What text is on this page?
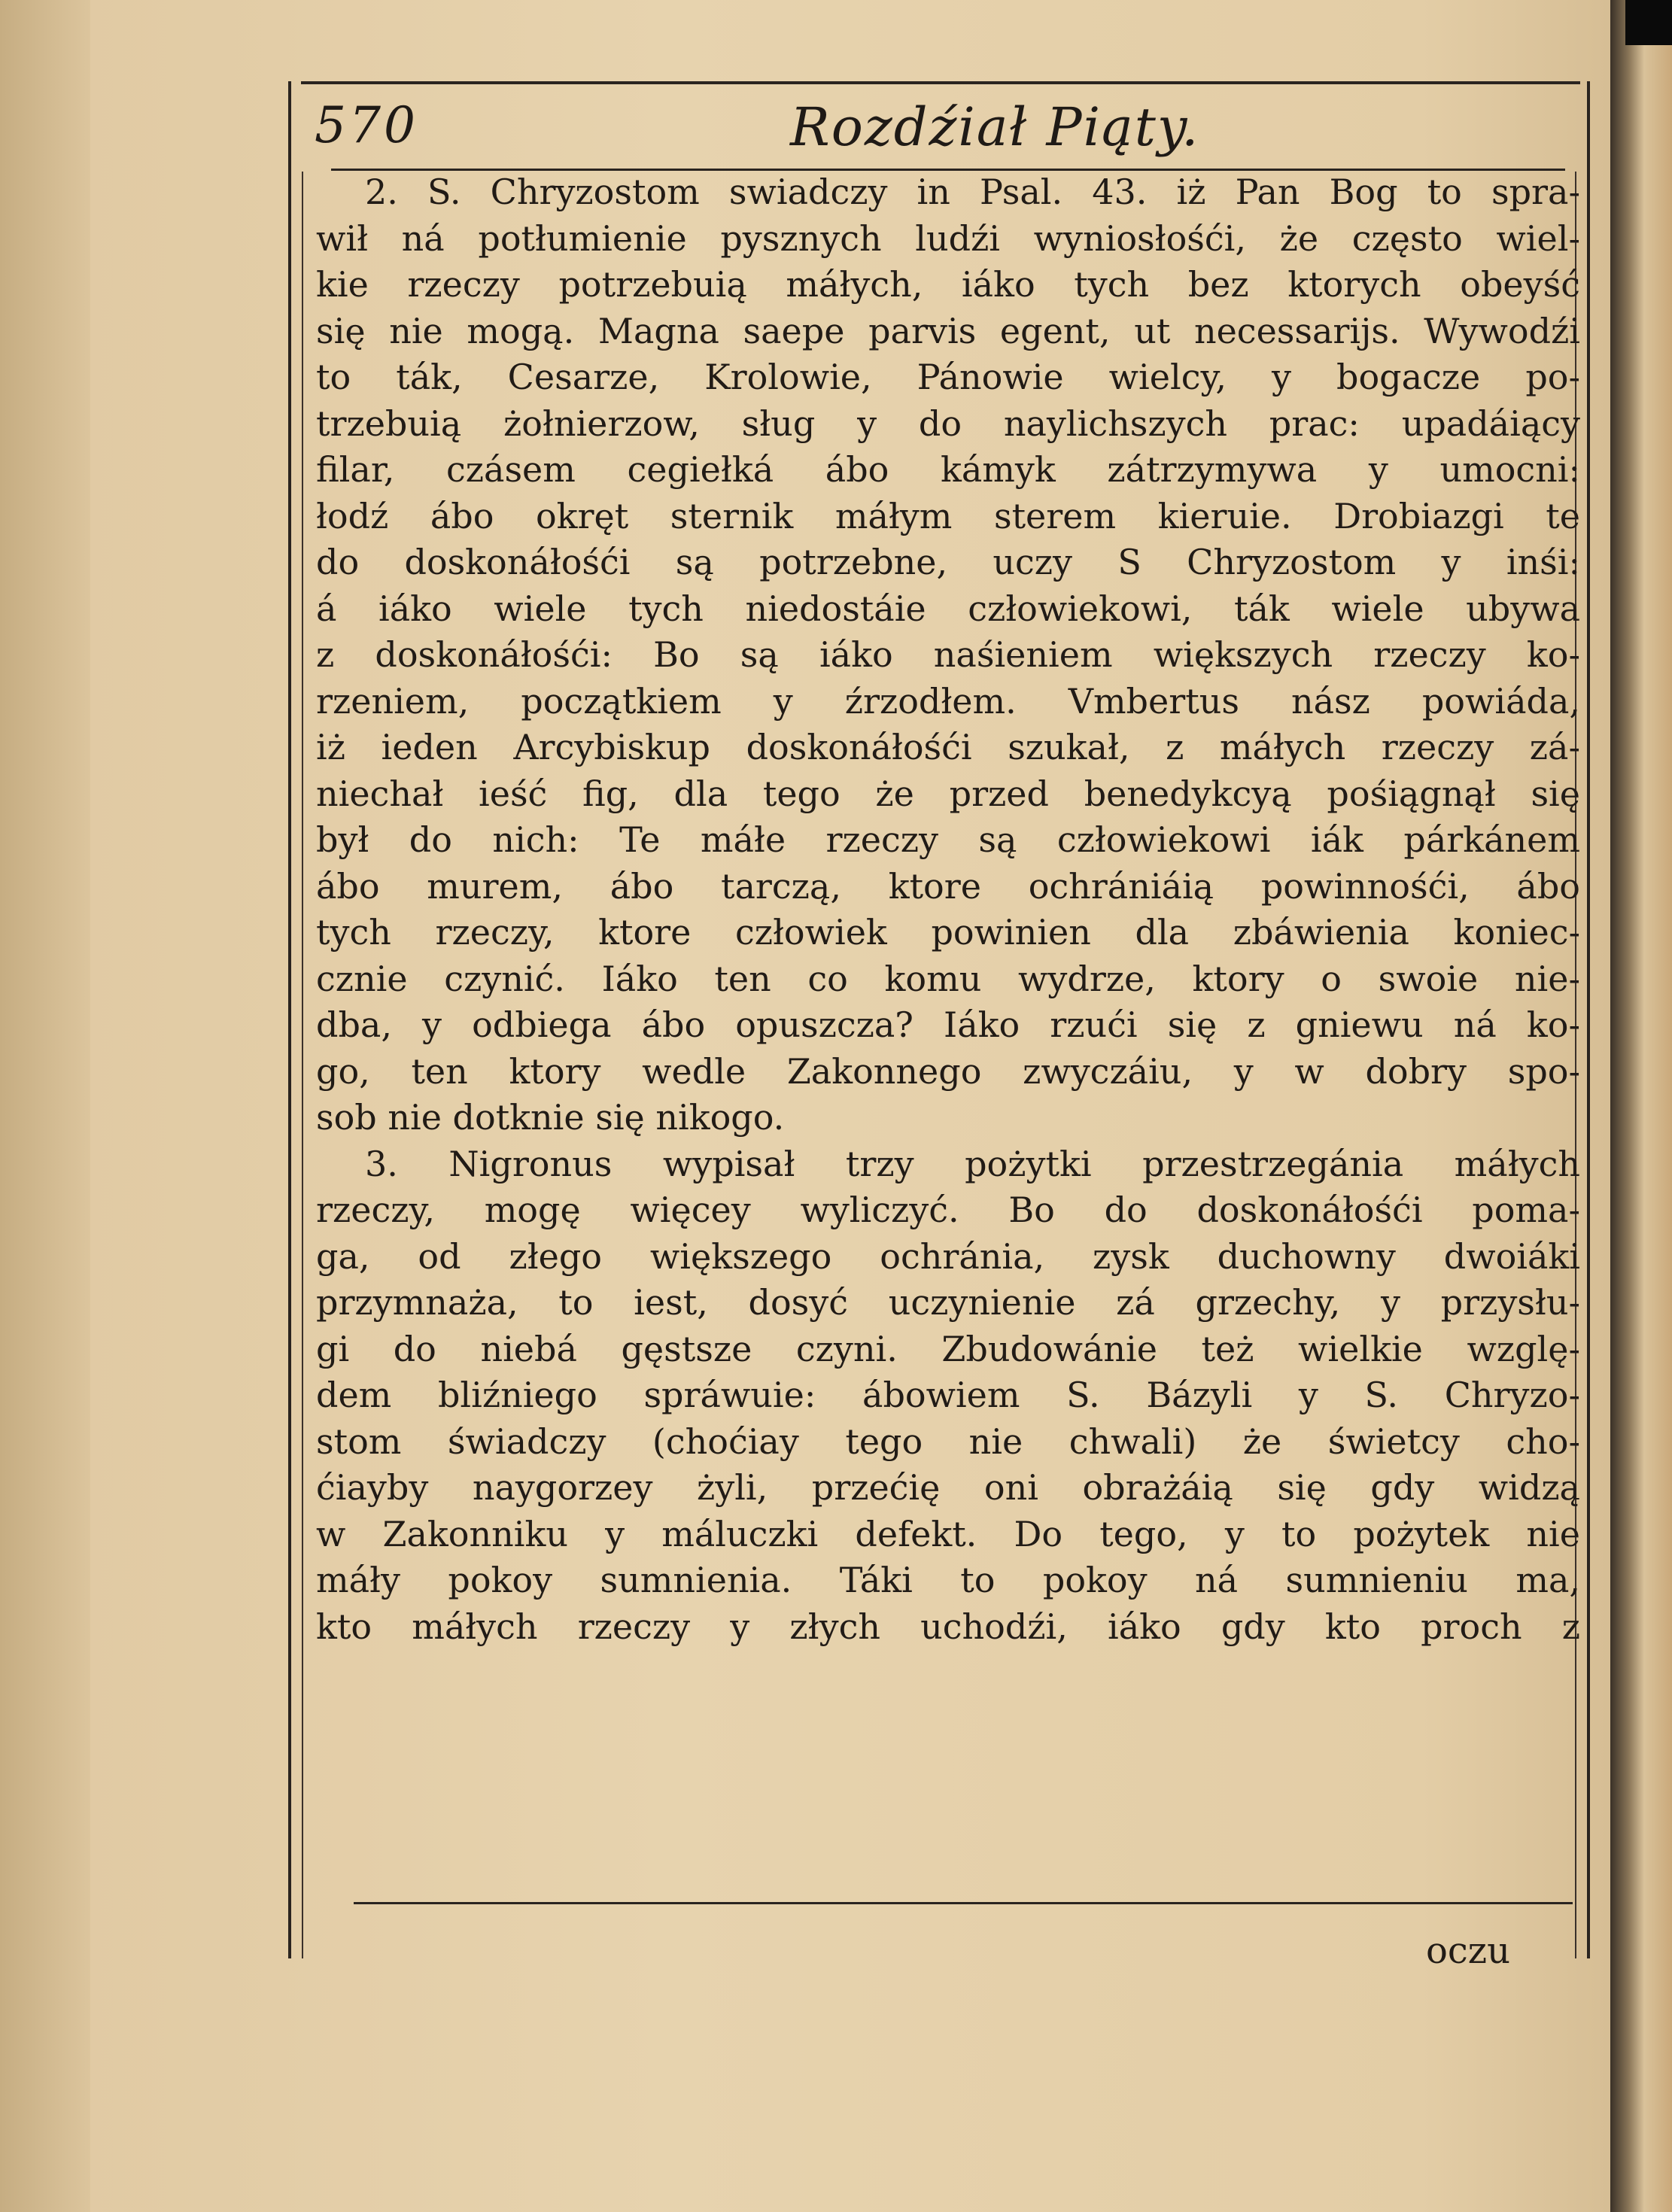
570	Rozdźiał Piąty.
2. S. Chryzostom swiadczy in Psal. 43. iż Pan Bog to spra-
wił ná potłumienie pysznych ludźi wyniosłośći, że często wiel-
kie rzeczy potrzebuią máłych, iáko tych bez ktorych obeyść
się nie mogą. Magna saepe parvis egent, ut necessarijs. Wywodźi
to ták, Cesarze, Krolowie, Pánowie wielcy, y bogacze po-
trzebuią żołnierzow, sług y do naylichszych prac: upadáiący
filar, czásem cegiełká ábo kámyk zátrzymywa y umocni:
łodź ábo okręt sternik máłym sterem kieruie. Drobiazgi te
do doskonáłośći są potrzebne, uczy S Chryzostom y inśi:
á iáko wiele tych niedostáie człowiekowi, ták wiele ubywa
z doskonáłośći: Bo są iáko naśieniem większych rzeczy ko-
rzeniem, początkiem y źrzodłem. Vmbertus nász powiáda,
iż ieden Arcybiskup doskonáłośći szukał, z máłych rzeczy zá-
niechał ieść fig, dla tego że przed benedykcyą pośiągnął się
był do nich: Te máłe rzeczy są człowiekowi iák párkánem
ábo murem, ábo tarczą, ktore ochrániáią powinnośći, ábo
tych rzeczy, ktore człowiek powinien dla zbáwienia koniec-
cznie czynić. Iáko ten co komu wydrze, ktory o swoie nie-
dba, y odbiega ábo opuszcza? Iáko rzući się z gniewu ná ko-
go, ten ktory wedle Zakonnego zwyczáiu, y w dobry spo-
sob nie dotknie się nikogo.
3. Nigronus wypisał trzy pożytki przestrzegánia máłych
rzeczy, mogę więcey wyliczyć. Bo do doskonáłośći poma-
ga, od złego większego ochránia, zysk duchowny dwoiáki
przymnaża, to iest, dosyć uczynienie zá grzechy, y przysłu-
gi do niebá gęstsze czyni. Zbudowánie też wielkie wzglę-
dem bliźniego spráwuie: ábowiem S. Bázyli y S. Chryzo-
stom świadczy (choćiay tego nie chwali) że świetcy cho-
ćiayby naygorzey żyli, przećię oni obrażáią się gdy widzą
w Zakonniku y máluczki defekt. Do tego, y to pożytek nie
máły pokoy sumnienia. Táki to pokoy ná sumnieniu ma,
kto máłych rzeczy y złych uchodźi, iáko gdy kto proch z
oczu
